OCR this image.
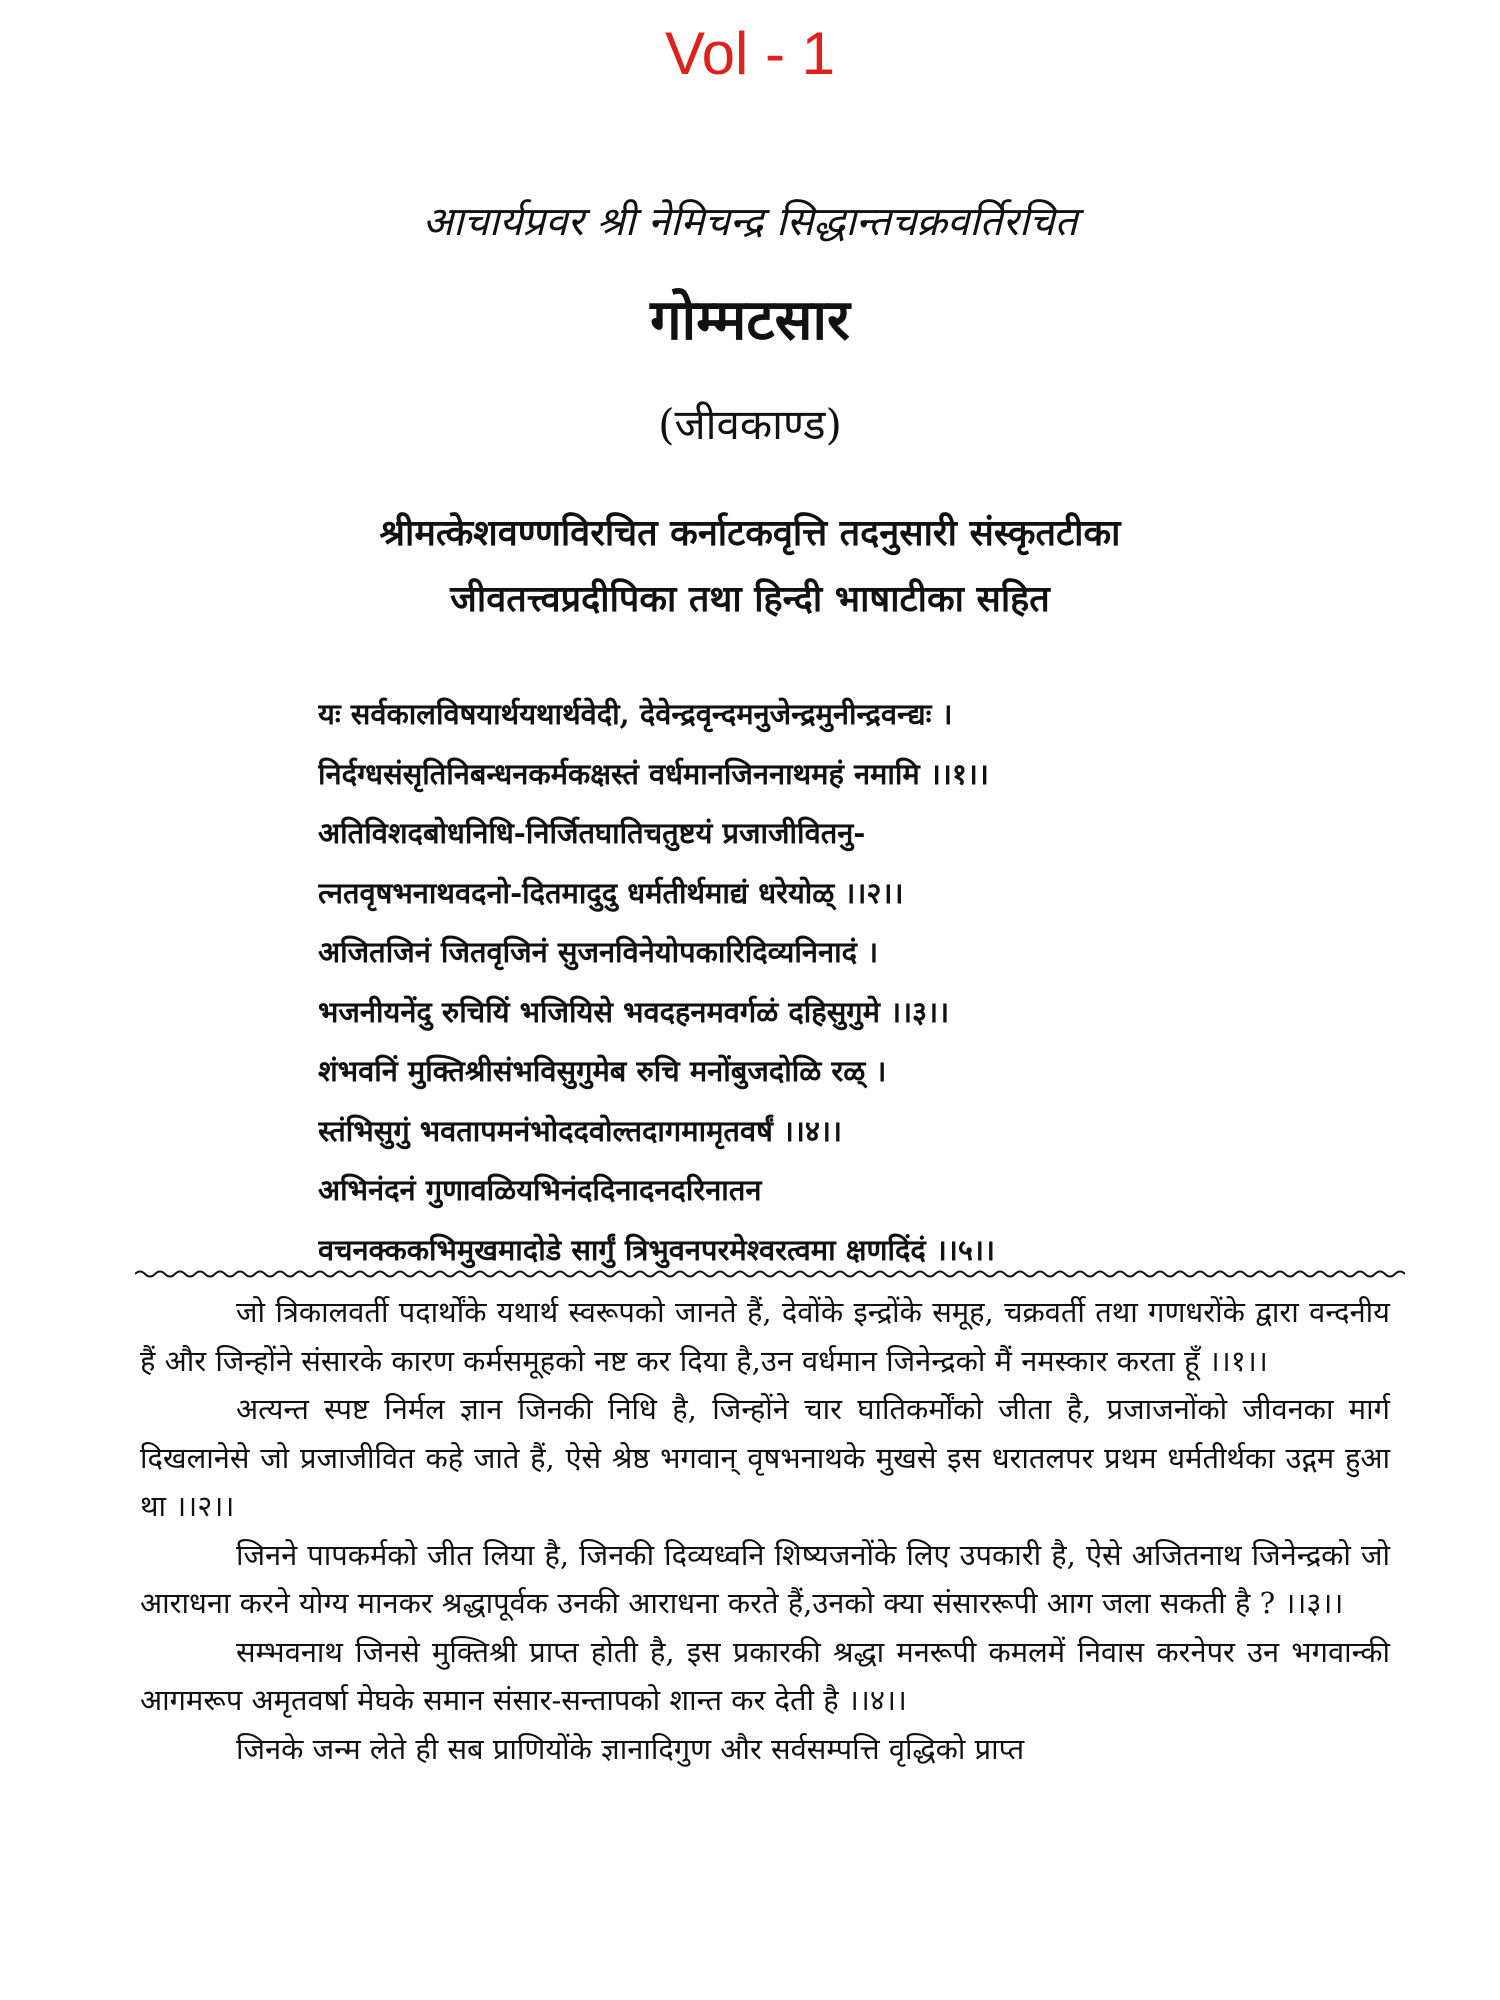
Vol - 1
आचार्यप्रवर श्री नेमिचन्द्र सिद्धान्तचक्रवर्तिरचित
गोम्मटसार
(जीवकाण्ड)
श्रीमत्केशवण्णविरचित कर्नाटकवृत्ति तदनुसारी संस्कृतटीका
जीवतत्त्वप्रदीपिका तथा हिन्दी भाषाटीका सहित
यः सर्वकालविषयार्थयथार्थवेदी, देवेन्द्रवृन्दमनुजेन्द्रमुनीन्द्रवन्द्यः ।
निर्दग्धसंसृतिनिबन्धनकर्मकक्षस्तं वर्धमानजिननाथमहं नमामि ।।१।।
अतिविशदबोधनिधि-निर्जितघातिचतुष्टयं प्रजाजीवितनु-
त्नतवृषभनाथवदनो-दितमादुदु धर्मतीर्थमाद्यं धरेयोळ् ।।२।।
अजितजिनं जितवृजिनं सुजनविनेयोपकारिदिव्यनिनादं ।
भजनीयनेंदु रुचियिं भजियिसे भवदहनमवर्गळं दहिसुगुमे ।।३।।
शंभवनिं मुक्तिश्रीसंभविसुगुमेब रुचि मनोंबुजदोळि रळ् ।
स्तंभिसुगुं भवतापमनंभोददवोल्तदागमामृतवर्षं ।।४।।
अभिनंदनं गुणावळियभिनंददिनादनदरिनातन
वचनक्ककभिमुखमादोडे सार्गुं त्रिभुवनपरमेश्वरत्वमा क्षणदिंदं ।।५।।

जो त्रिकालवर्ती पदार्थोंके यथार्थ स्वरूपको जानते हैं, देवोंके इन्द्रोंके समूह, चक्रवर्ती तथा गणधरोंके द्वारा वन्दनीय हैं और जिन्होंने संसारके कारण कर्मसमूहको नष्ट कर दिया है,उन वर्धमान जिनेन्द्रको मैं नमस्कार करता हूँ ।।१।।

अत्यन्त स्पष्ट निर्मल ज्ञान जिनकी निधि है, जिन्होंने चार घातिकर्मोंको जीता है, प्रजाजनोंको जीवनका मार्ग दिखलानेसे जो प्रजाजीवित कहे जाते हैं, ऐसे श्रेष्ठ भगवान् वृषभनाथके मुखसे इस धरातलपर प्रथम धर्मतीर्थका उद्गम हुआ था ।।२।।

जिनने पापकर्मको जीत लिया है, जिनकी दिव्यध्वनि शिष्यजनोंके लिए उपकारी है, ऐसे अजितनाथ जिनेन्द्रको जो आराधना करने योग्य मानकर श्रद्धापूर्वक उनकी आराधना करते हैं,उनको क्या संसाररूपी आग जला सकती है ? ।।३।।

सम्भवनाथ जिनसे मुक्तिश्री प्राप्त होती है, इस प्रकारकी श्रद्धा मनरूपी कमलमें निवास करनेपर उन भगवान्की आगमरूप अमृतवर्षा मेघके समान संसार-सन्तापको शान्त कर देती है ।।४।।

जिनके जन्म लेते ही सब प्राणियोंके ज्ञानादिगुण और सर्वसम्पत्ति वृद्धिको प्राप्त
